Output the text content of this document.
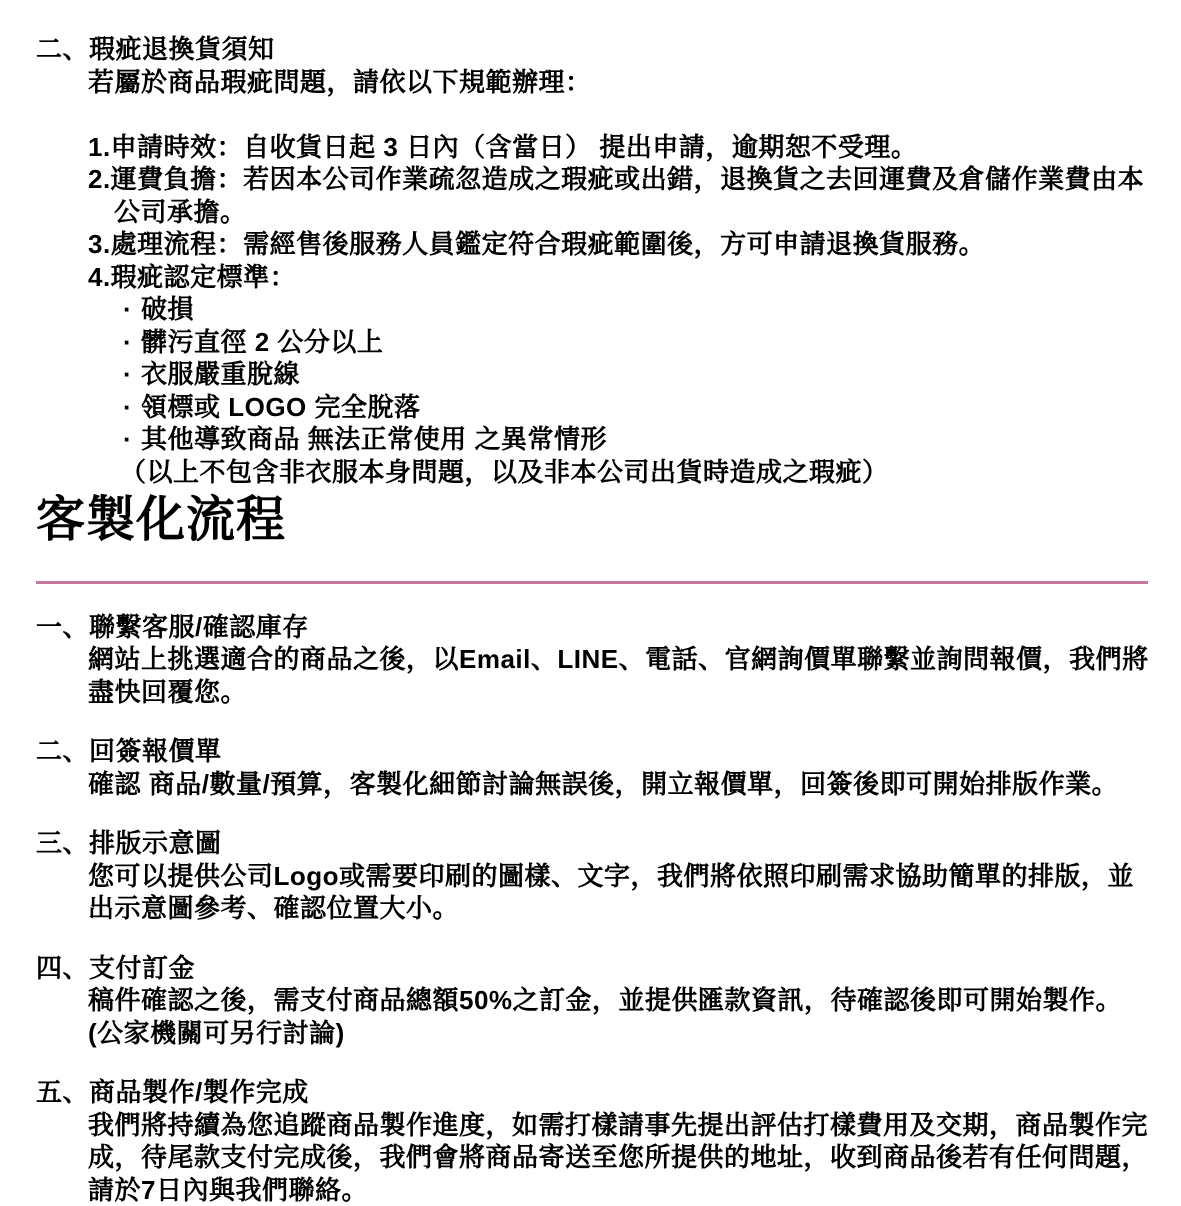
二、瑕疵退換貨須知
若屬於商品瑕疵問題，請依以下規範辦理：
1.申請時效：自收貨日起 3 日內（含當日） 提出申請，逾期恕不受理。
2.運費負擔：若因本公司作業疏忽造成之瑕疵或出錯，退換貨之去回運費及倉儲作業費由本
公司承擔。
3.處理流程：需經售後服務人員鑑定符合瑕疵範圍後，方可申請退換貨服務。
4.瑕疵認定標準：
· 破損
· 髒污直徑 2 公分以上
· 衣服嚴重脫線
· 領標或 LOGO 完全脫落
· 其他導致商品 無法正常使用 之異常情形
（以上不包含非衣服本身問題，以及非本公司出貨時造成之瑕疵）
客製化流程
一、聯繫客服/確認庫存
網站上挑選適合的商品之後，以Email、LINE、電話、官網詢價單聯繫並詢問報價，我們將
盡快回覆您。
二、回簽報價單
確認 商品/數量/預算，客製化細節討論無誤後，開立報價單，回簽後即可開始排版作業。
三、排版示意圖
您可以提供公司Logo或需要印刷的圖樣、文字，我們將依照印刷需求協助簡單的排版，並
出示意圖參考、確認位置大小。
四、支付訂金
稿件確認之後，需支付商品總額50%之訂金，並提供匯款資訊，待確認後即可開始製作。
(公家機關可另行討論)
五、商品製作/製作完成
我們將持續為您追蹤商品製作進度，如需打樣請事先提出評估打樣費用及交期，商品製作完
成，待尾款支付完成後，我們會將商品寄送至您所提供的地址，收到商品後若有任何問題，
請於7日內與我們聯絡。
